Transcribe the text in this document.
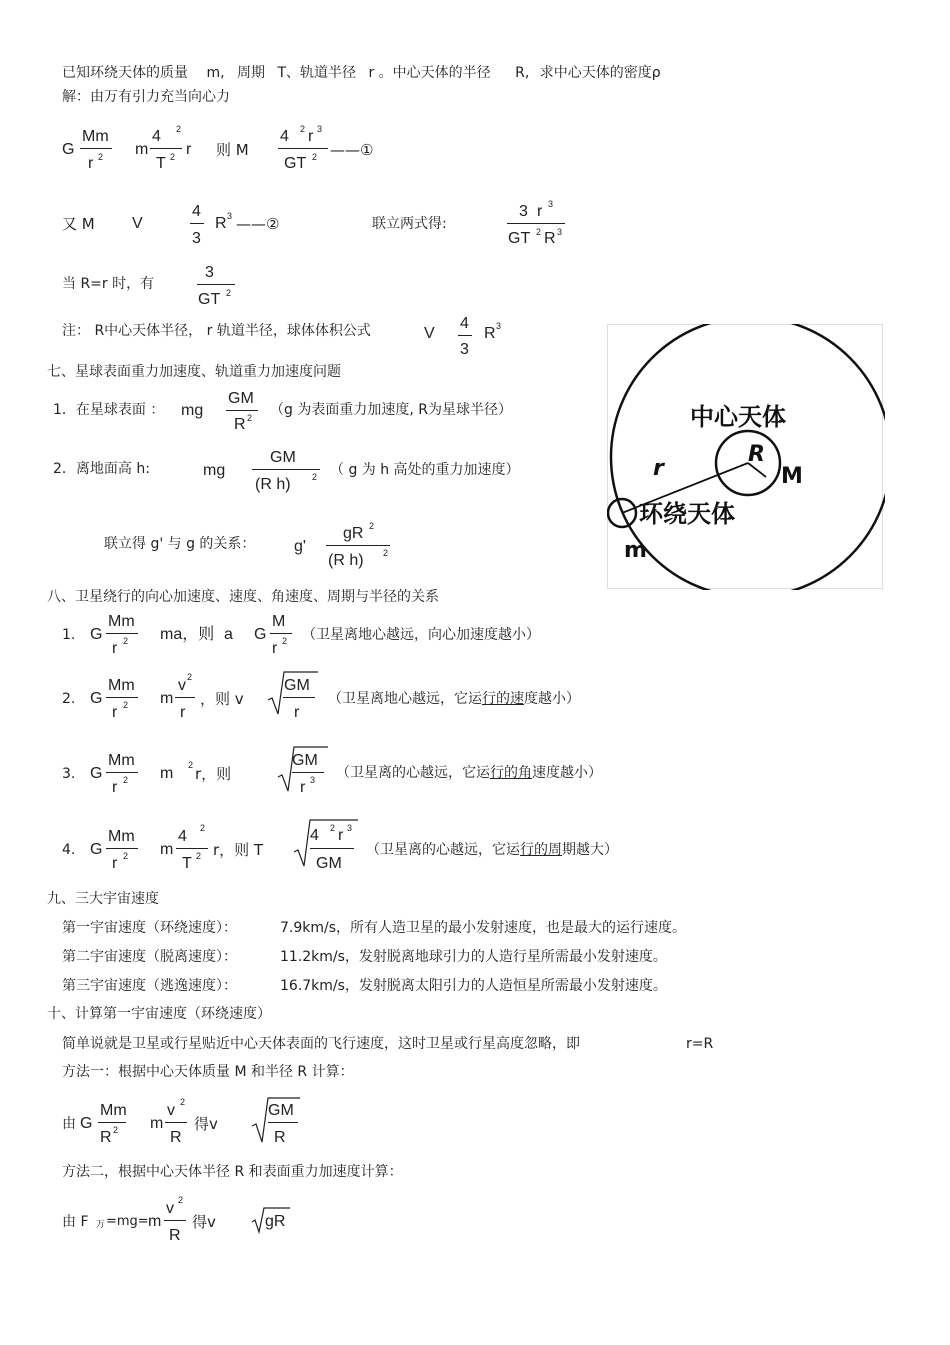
已知环绕天体的质量 m, 周期 T、轨道半径 r 。中心天体的半径 R, 求中心天体的密度ρ
解：由万有引力充当向心力
G
Mm
r 2 m
4 2
T 2 r 则 M
4 2 r 3
GT 2 ——①
又 M V
4
3
R 3 ——②	联立两式得:
3 r 3
GT 2 R 3
当 R=r 时，有
3
GT 2
注： R中心天体半径， r 轨道半径，球体体积公式	V
4
3
R 3
中心天体
R
r	M
环绕天体
m
七、星球表面重力加速度、轨道重力加速度问题
1．在星球表面 ： mg
GM
R 2 （g 为表面重力加速度, R为星球半径）
2．离地面高 h:	mg
GM
(R h) 2 （ g 为 h 高处的重力加速度）
联立得 g' 与 g 的关系： g'
gR 2
(R h) 2
八、卫星绕行的向心加速度、速度、角速度、周期与半径的关系
1. G
Mm
r 2 ma，则 a G
M
r 2 （卫星离地心越远，向心加速度越小）
2. G
Mm
r 2 m
v 2
r
，则 v
GM
r
（卫星离地心越远，它运行的速度越小）
3. G
Mm
r 2 m 2 r，则
GM
r 3 （卫星离的心越远，它运行的角速度越小）
4. G
Mm
r 2 m
4 2
T 2 r，则 T
4 2 r 3
GM
（卫星离的心越远，它运行的周期越大）
九、三大宇宙速度
第一宇宙速度（环绕速度）：	7.9km/s，所有人造卫星的最小发射速度，也是最大的运行速度。
第二宇宙速度（脱离速度）：	11.2km/s，发射脱离地球引力的人造行星所需最小发射速度。
第三宇宙速度（逃逸速度）：	16.7km/s，发射脱离太阳引力的人造恒星所需最小发射速度。
十、计算第一宇宙速度（环绕速度）
简单说就是卫星或行星贴近中心天体表面的飞行速度，这时卫星或行星高度忽略，即	r=R
方法一：根据中心天体质量 M 和半径 R 计算：
由 G
Mm
R 2 m
v 2
R
得v
GM
R
方法二，根据中心天体半径 R 和表面重力加速度计算：
由 F 万 =mg= m
v 2
R
得v	gR
